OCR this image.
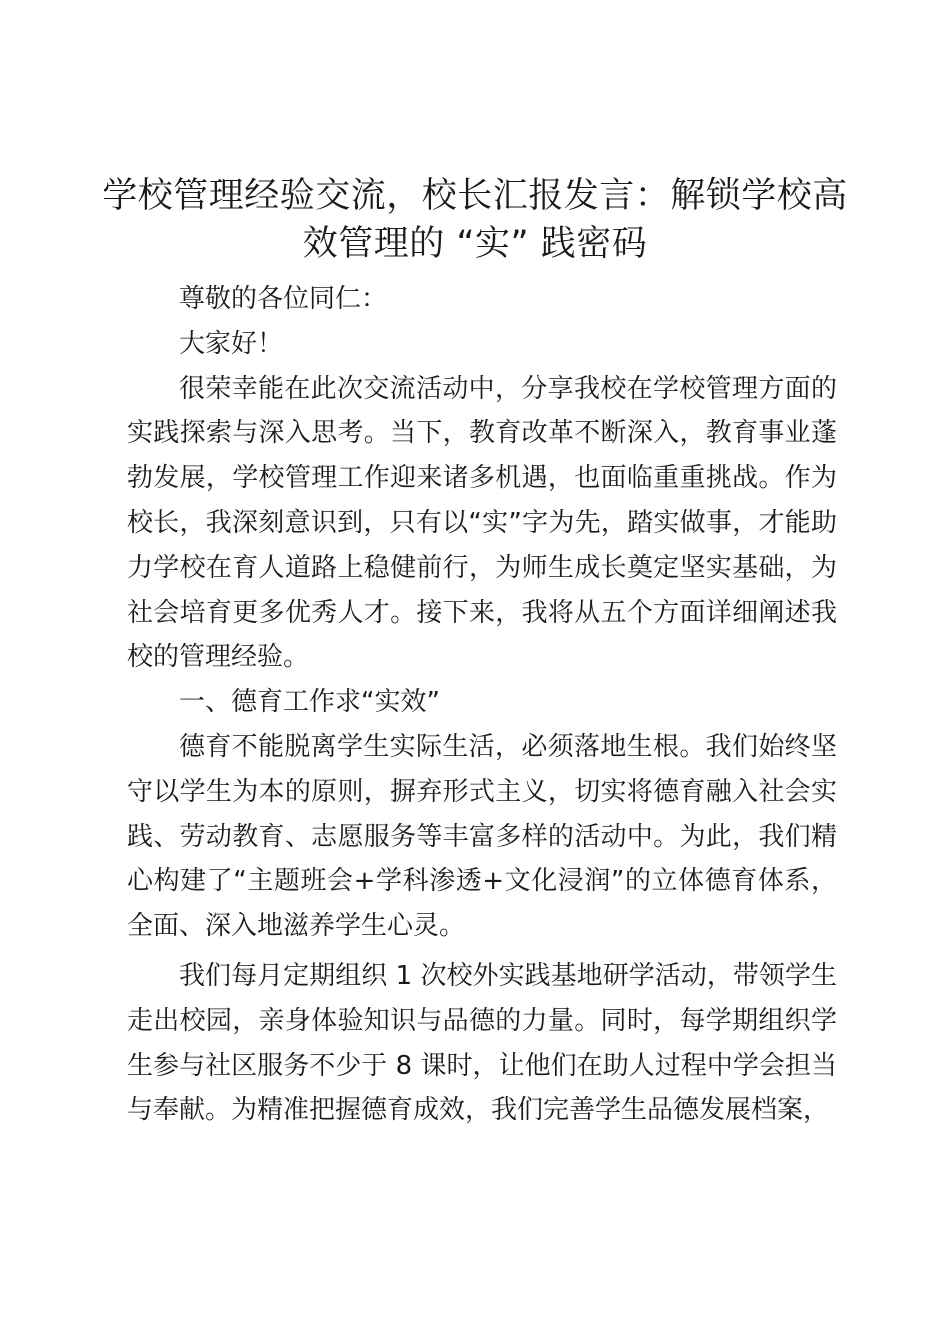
学校管理经验交流，校长汇报发言：解锁学校高效管理的 “实” 践密码

尊敬的各位同仁：

大家好！

很荣幸能在此次交流活动中，分享我校在学校管理方面的实践探索与深入思考。当下，教育改革不断深入，教育事业蓬勃发展，学校管理工作迎来诸多机遇，也面临重重挑战。作为校长，我深刻意识到，只有以“实”字为先，踏实做事，才能助力学校在育人道路上稳健前行，为师生成长奠定坚实基础，为社会培育更多优秀人才。接下来，我将从五个方面详细阐述我校的管理经验。

一、德育工作求“实效”

德育不能脱离学生实际生活，必须落地生根。我们始终坚守以学生为本的原则，摒弃形式主义，切实将德育融入社会实践、劳动教育、志愿服务等丰富多样的活动中。为此，我们精心构建了“主题班会+学科渗透+文化浸润”的立体德育体系，全面、深入地滋养学生心灵。

我们每月定期组织 1 次校外实践基地研学活动，带领学生走出校园，亲身体验知识与品德的力量。同时，每学期组织学生参与社区服务不少于 8 课时，让他们在助人过程中学会担当与奉献。为精准把握德育成效，我们完善学生品德发展档案，
